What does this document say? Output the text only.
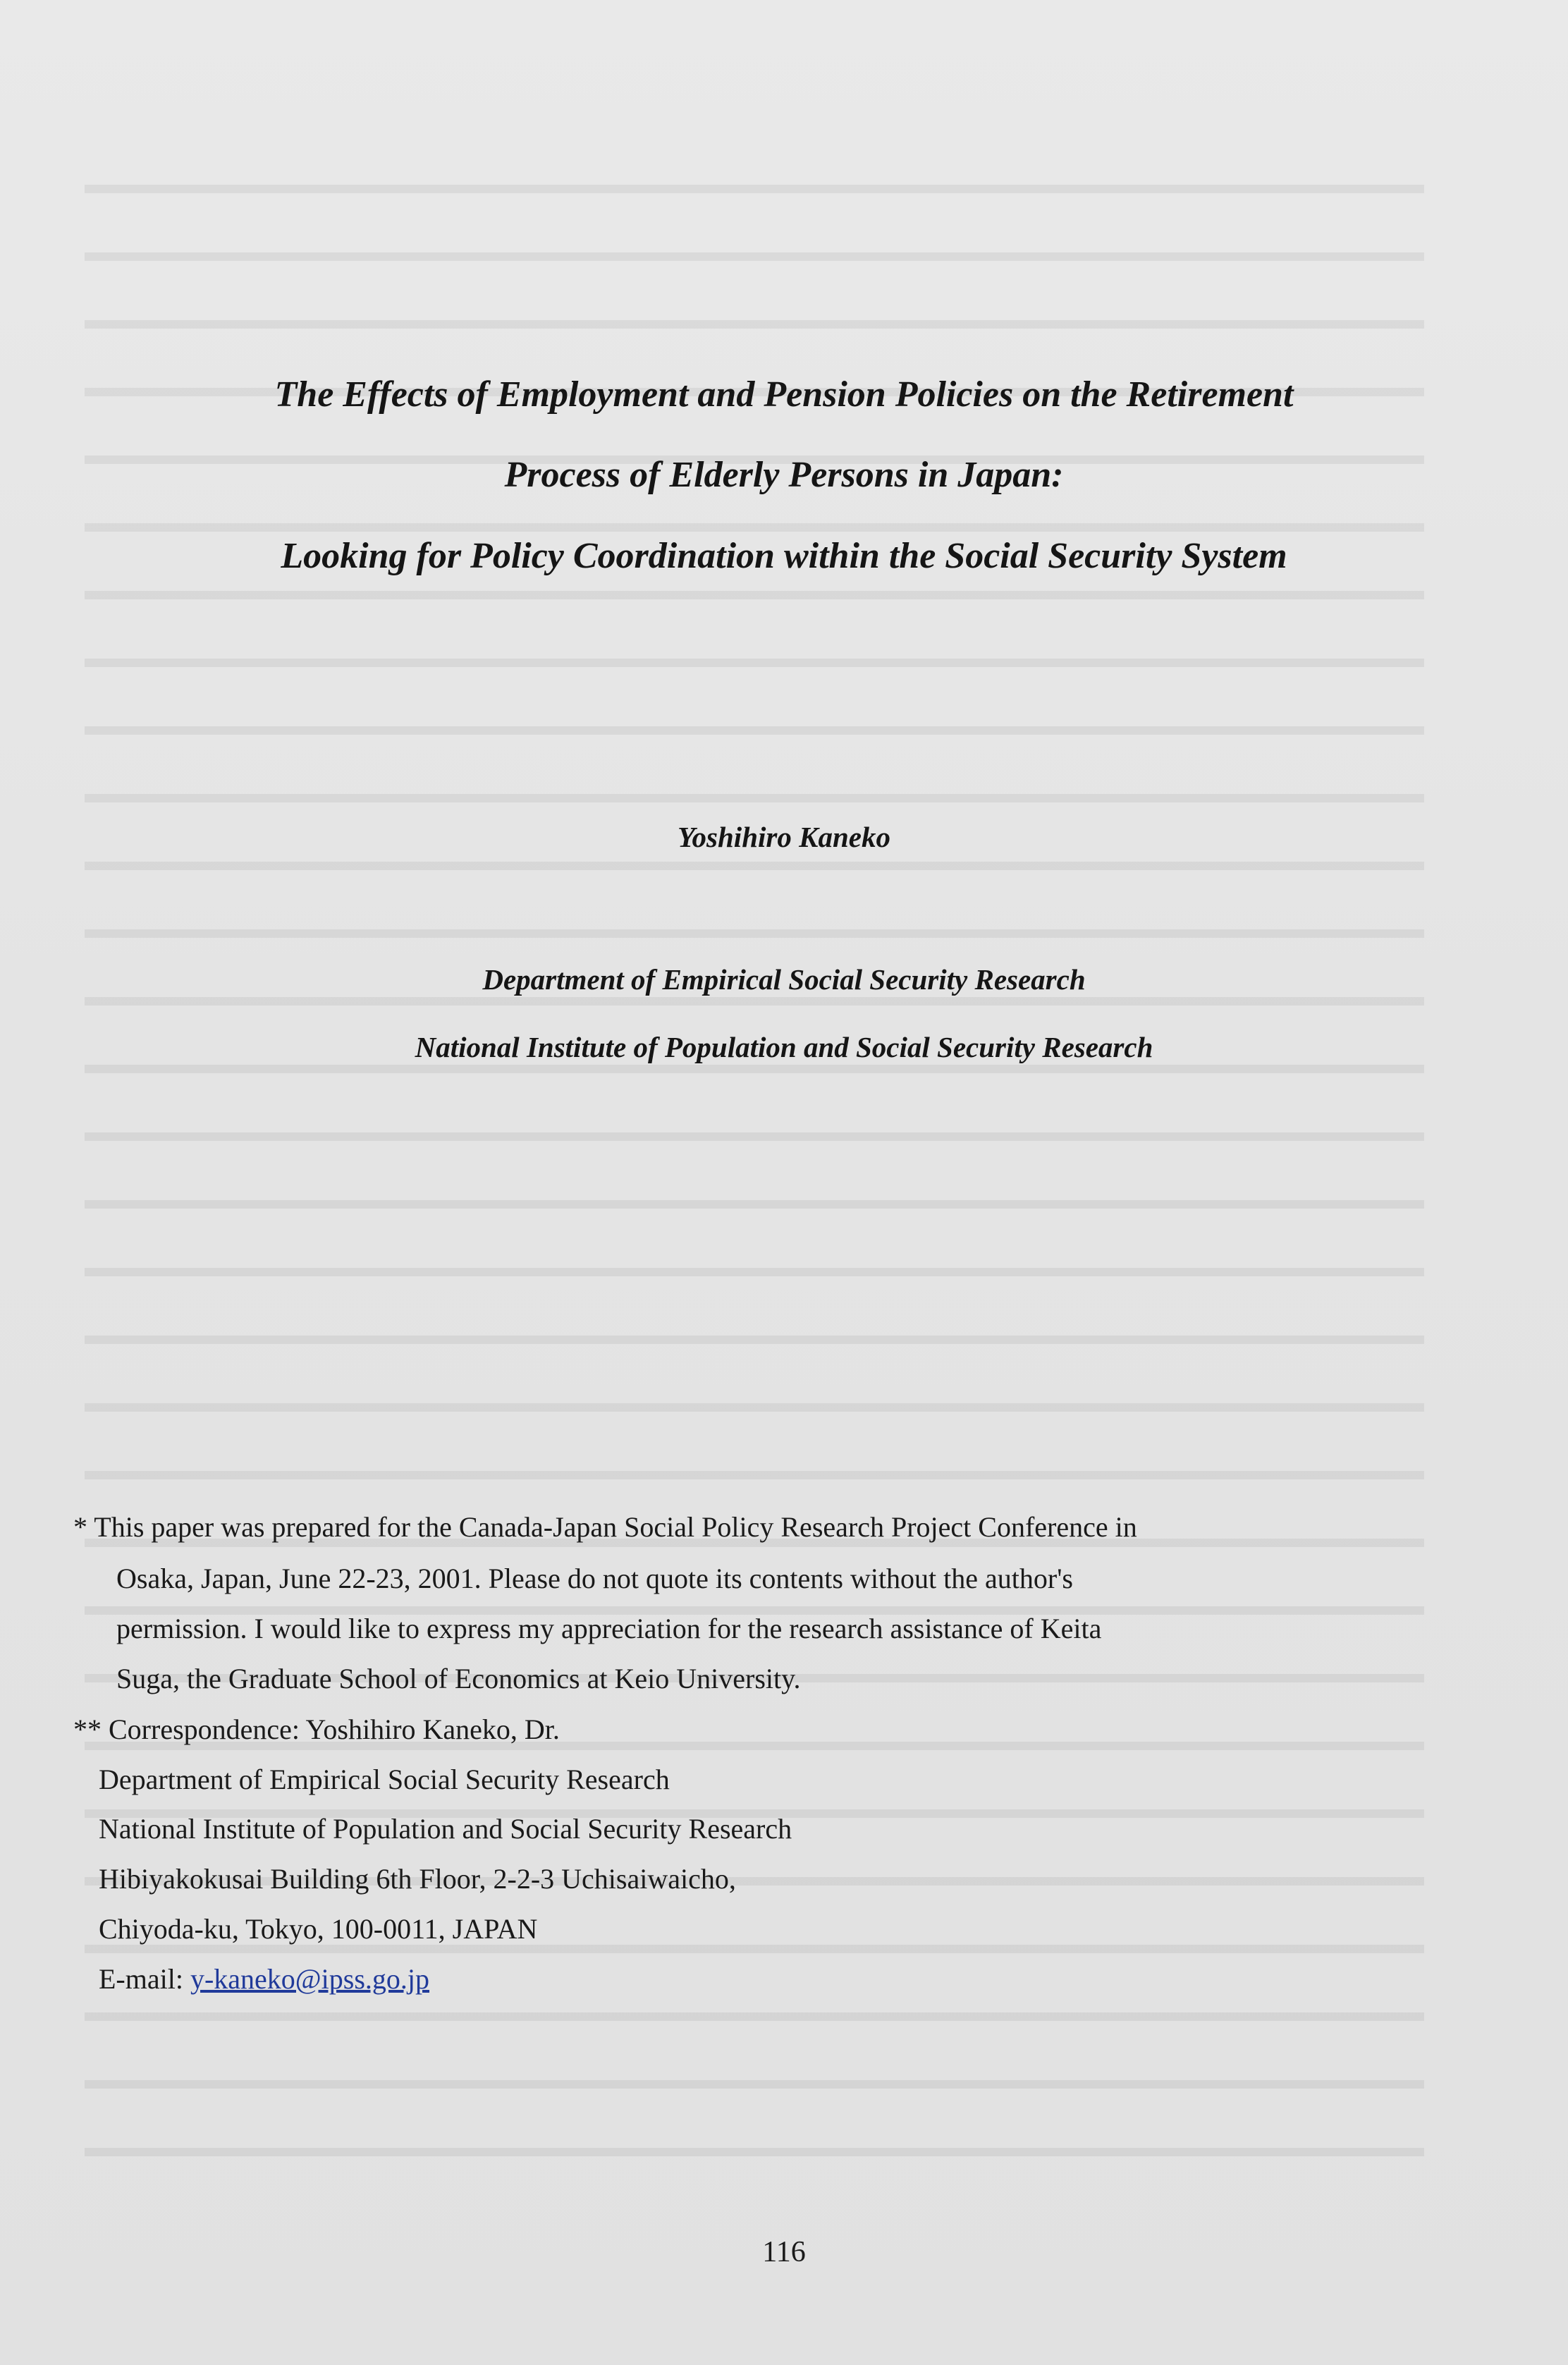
The Effects of Employment and Pension Policies on the Retirement
Process of Elderly Persons in Japan:
Looking for Policy Coordination within the Social Security System
Yoshihiro Kaneko
Department of Empirical Social Security Research
National Institute of Population and Social Security Research
* This paper was prepared for the Canada-Japan Social Policy Research Project Conference in
Osaka, Japan, June 22-23, 2001. Please do not quote its contents without the author's
permission. I would like to express my appreciation for the research assistance of Keita
Suga, the Graduate School of Economics at Keio University.
** Correspondence: Yoshihiro Kaneko, Dr.
Department of Empirical Social Security Research
National Institute of Population and Social Security Research
Hibiyakokusai Building 6th Floor, 2-2-3 Uchisaiwaicho,
Chiyoda-ku, Tokyo, 100-0011, JAPAN
E-mail: y-kaneko@ipss.go.jp
116
